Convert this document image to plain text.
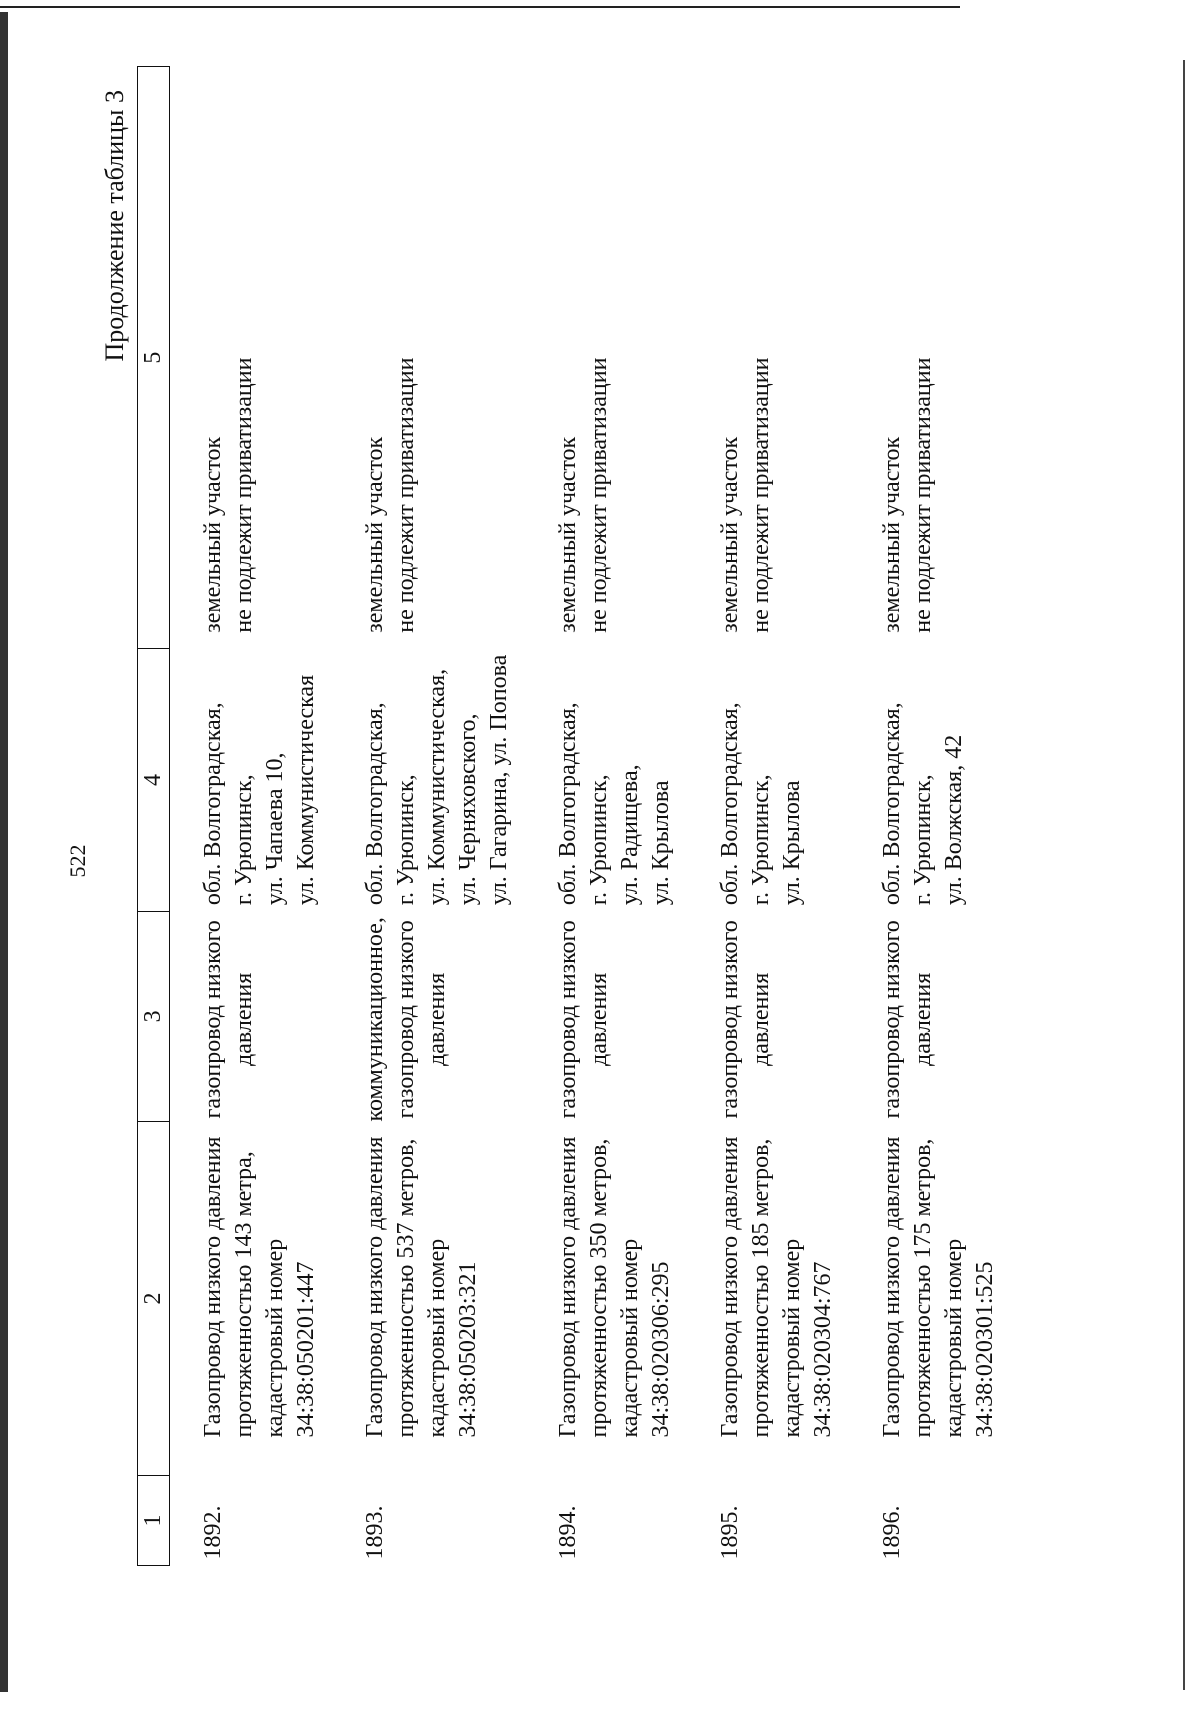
522
Продолжение таблицы 3
1	2	3	4	5
1892.	Газопровод низкого давления протяженностью 143 метра, кадастровый номер 34:38:050201:447	газопровод низкого давления	обл. Волгоградская, г. Урюпинск, ул. Чапаева 10, ул. Коммунистическая	земельный участок не подлежит приватизации

1893.	Газопровод низкого давления протяженностью 537 метров, кадастровый номер 34:38:050203:321	коммуникационное, газопровод низкого давления	обл. Волгоградская, г. Урюпинск, ул. Коммунистическая, ул. Черняховского, ул. Гагарина, ул. Попова	земельный участок не подлежит приватизации

1894.	Газопровод низкого давления протяженностью 350 метров, кадастровый номер 34:38:020306:295	газопровод низкого давления	обл. Волгоградская, г. Урюпинск, ул. Радищева, ул. Крылова	земельный участок не подлежит приватизации

1895.	Газопровод низкого давления протяженностью 185 метров, кадастровый номер 34:38:020304:767	газопровод низкого давления	обл. Волгоградская, г. Урюпинск, ул. Крылова	земельный участок не подлежит приватизации

1896.	Газопровод низкого давления протяженностью 175 метров, кадастровый номер 34:38:020301:525	газопровод низкого давления	обл. Волгоградская, г. Урюпинск, ул. Волжская, 42	земельный участок не подлежит приватизации
